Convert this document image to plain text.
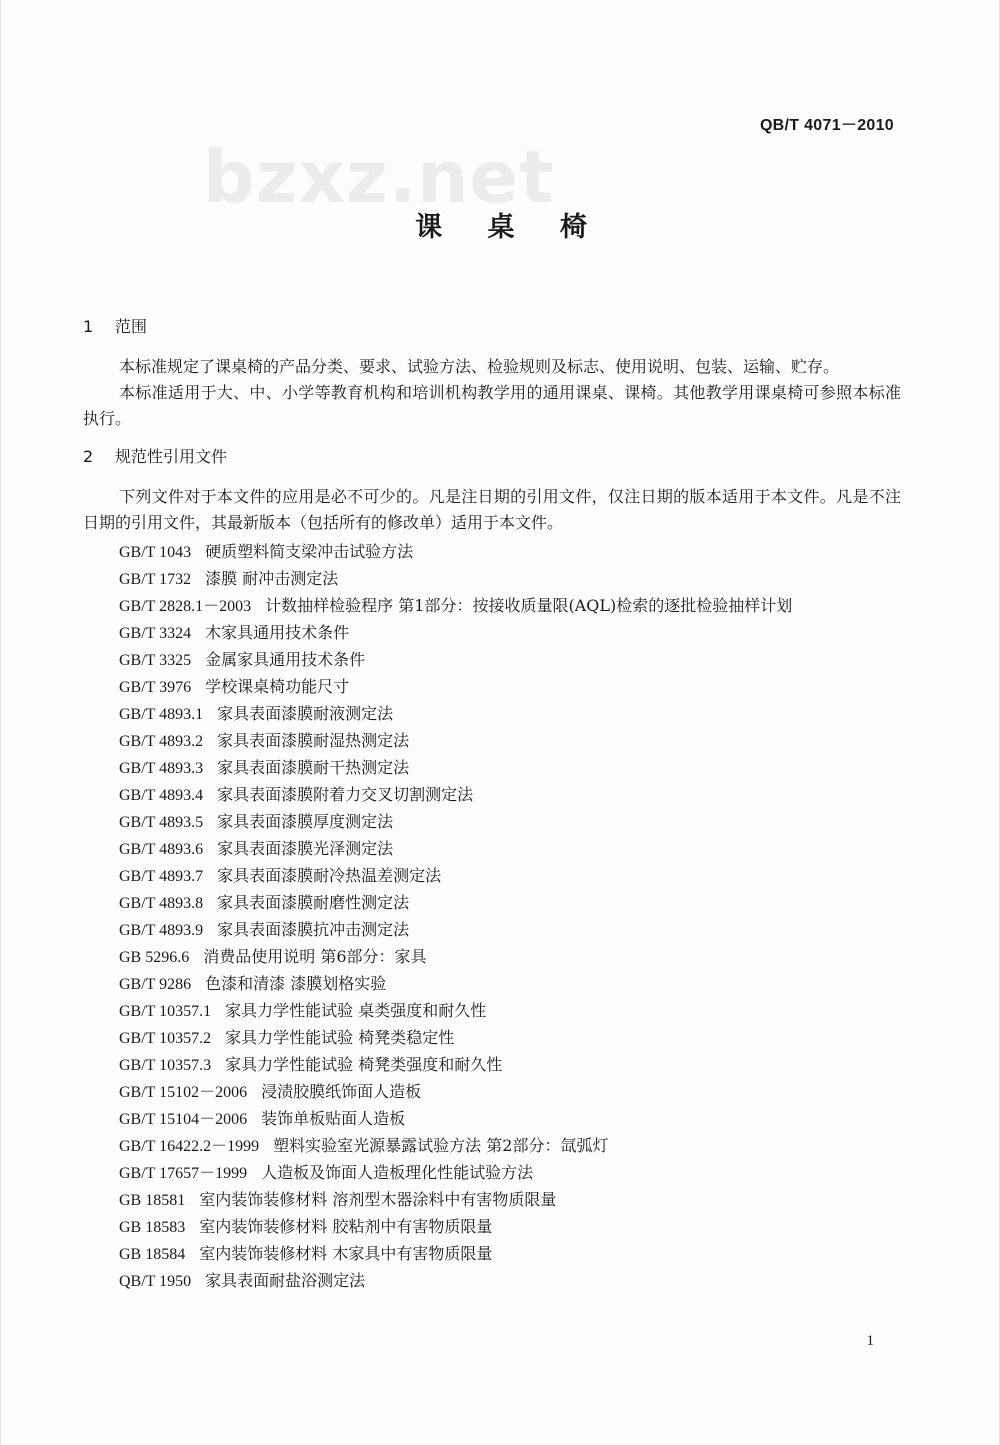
QB/T 4071－2010
bzxz.net
课 桌 椅
1 范围

本标准规定了课桌椅的产品分类、要求、试验方法、检验规则及标志、使用说明、包装、运输、贮存。

本标准适用于大、中、小学等教育机构和培训机构教学用的通用课桌、课椅。其他教学用课桌椅可参照本标准执行。

2 规范性引用文件

下列文件对于本文件的应用是必不可少的。凡是注日期的引用文件，仅注日期的版本适用于本文件。凡是不注日期的引用文件，其最新版本（包括所有的修改单）适用于本文件。

GB/T 1043 硬质塑料简支梁冲击试验方法
GB/T 1732 漆膜 耐冲击测定法
GB/T 2828.1－2003 计数抽样检验程序 第1部分：按接收质量限(AQL)检索的逐批检验抽样计划
GB/T 3324 木家具通用技术条件
GB/T 3325 金属家具通用技术条件
GB/T 3976 学校课桌椅功能尺寸
GB/T 4893.1 家具表面漆膜耐液测定法
GB/T 4893.2 家具表面漆膜耐湿热测定法
GB/T 4893.3 家具表面漆膜耐干热测定法
GB/T 4893.4 家具表面漆膜附着力交叉切割测定法
GB/T 4893.5 家具表面漆膜厚度测定法
GB/T 4893.6 家具表面漆膜光泽测定法
GB/T 4893.7 家具表面漆膜耐冷热温差测定法
GB/T 4893.8 家具表面漆膜耐磨性测定法
GB/T 4893.9 家具表面漆膜抗冲击测定法
GB 5296.6 消费品使用说明 第6部分：家具
GB/T 9286 色漆和清漆 漆膜划格实验
GB/T 10357.1 家具力学性能试验 桌类强度和耐久性
GB/T 10357.2 家具力学性能试验 椅凳类稳定性
GB/T 10357.3 家具力学性能试验 椅凳类强度和耐久性
GB/T 15102－2006 浸渍胶膜纸饰面人造板
GB/T 15104－2006 装饰单板贴面人造板
GB/T 16422.2－1999 塑料实验室光源暴露试验方法 第2部分：氙弧灯
GB/T 17657－1999 人造板及饰面人造板理化性能试验方法
GB 18581 室内装饰装修材料 溶剂型木器涂料中有害物质限量
GB 18583 室内装饰装修材料 胶粘剂中有害物质限量
GB 18584 室内装饰装修材料 木家具中有害物质限量
QB/T 1950 家具表面耐盐浴测定法
1
